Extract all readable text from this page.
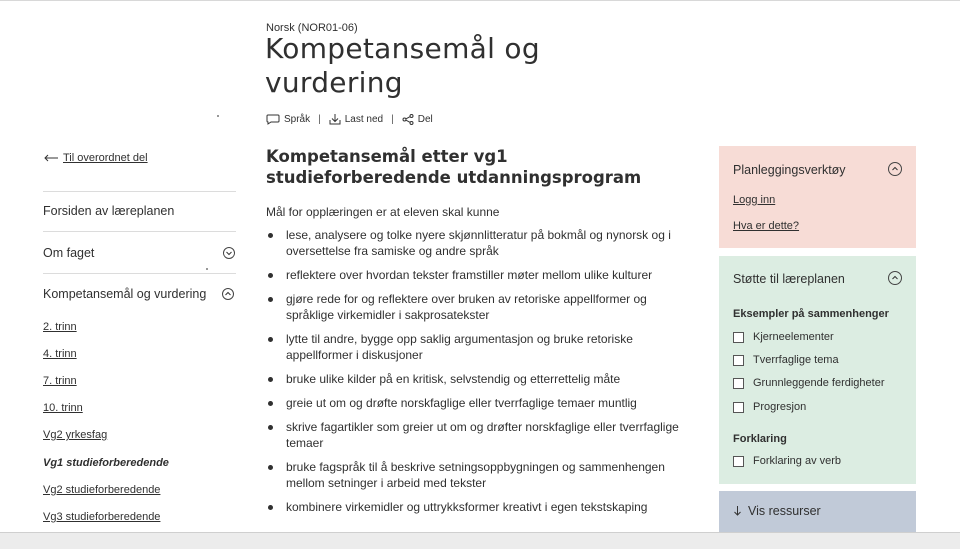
Norsk (NOR01-06)
Kompetansemål og
vurdering
Språk | Last ned | Del
Til overordnet del
Forsiden av læreplanen
Om faget
Kompetansemål og vurdering
2. trinn
4. trinn
7. trinn
10. trinn
Vg2 yrkesfag
Vg1 studieforberedende
Vg2 studieforberedende
Vg3 studieforberedende
Kompetansemål etter vg1 studieforberedende utdanningsprogram
Mål for opplæringen er at eleven skal kunne
lese, analysere og tolke nyere skjønnlitteratur på bokmål og nynorsk og i oversettelse fra samiske og andre språk
reflektere over hvordan tekster framstiller møter mellom ulike kulturer
gjøre rede for og reflektere over bruken av retoriske appellformer og språklige virkemidler i sakprosatekster
lytte til andre, bygge opp saklig argumentasjon og bruke retoriske appellformer i diskusjoner
bruke ulike kilder på en kritisk, selvstendig og etterrettelig måte
greie ut om og drøfte norskfaglige eller tverrfaglige temaer muntlig
skrive fagartikler som greier ut om og drøfter norskfaglige eller tverrfaglige temaer
bruke fagspråk til å beskrive setningsoppbygningen og sammenhengen mellom setninger i arbeid med tekster
kombinere virkemidler og uttrykksformer kreativt i egen tekstskaping
Planleggingsverktøy
Logg inn
Hva er dette?
Støtte til læreplanen
Eksempler på sammenhenger
Kjerneelementer
Tverrfaglige tema
Grunnleggende ferdigheter
Progresjon
Forklaring
Forklaring av verb
Vis ressurser
